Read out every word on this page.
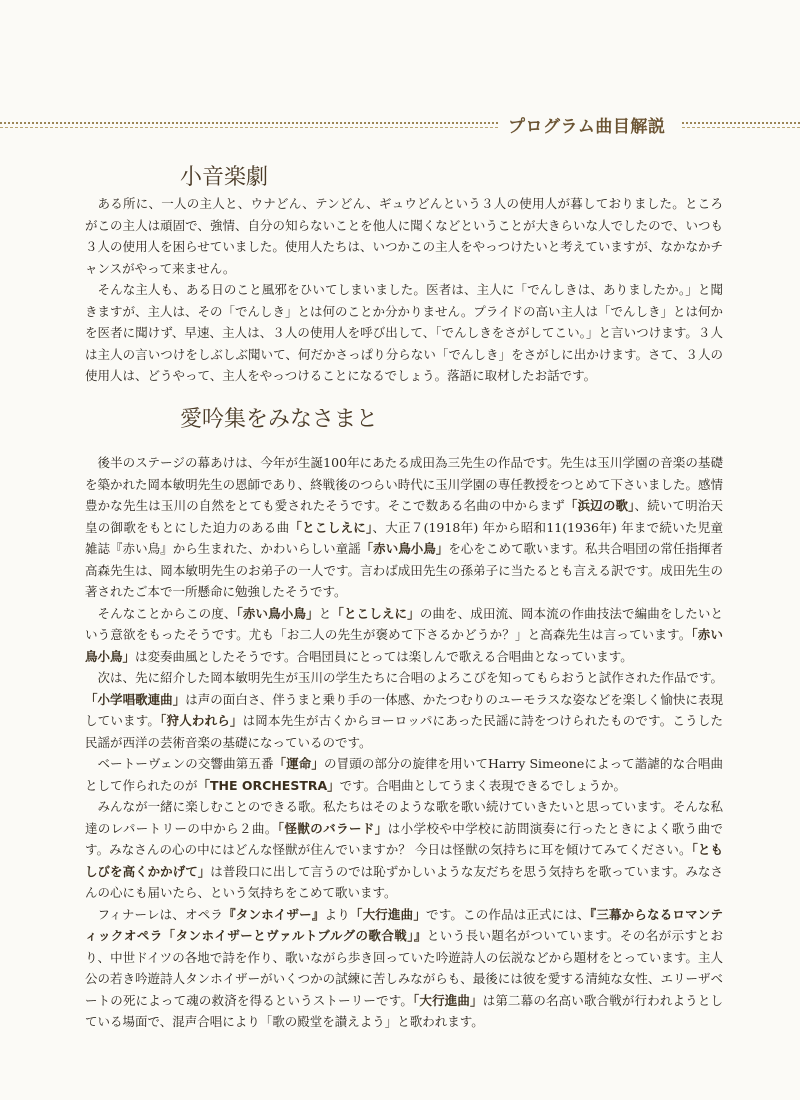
プログラム曲目解説
小音楽劇

ある所に、一人の主人と、ウナどん、テンどん、ギュウどんという３人の使用人が暮しておりました。ところがこの主人は頑固で、強情、自分の知らないことを他人に聞くなどということが大きらいな人でしたので、いつも３人の使用人を困らせていました。使用人たちは、いつかこの主人をやっつけたいと考えていますが、なかなかチャンスがやって来ません。

そんな主人も、ある日のこと風邪をひいてしまいました。医者は、主人に「でんしきは、ありましたか。」と聞きますが、主人は、その「でんしき」とは何のことか分かりません。プライドの高い主人は「でんしき」とは何かを医者に聞けず、早速、主人は、３人の使用人を呼び出して、「でんしきをさがしてこい。」と言いつけます。３人は主人の言いつけをしぶしぶ聞いて、何だかさっぱり分らない「でんしき」をさがしに出かけます。さて、３人の使用人は、どうやって、主人をやっつけることになるでしょう。落語に取材したお話です。

愛吟集をみなさまと

後半のステージの幕あけは、今年が生誕100年にあたる成田為三先生の作品です。先生は玉川学園の音楽の基礎を築かれた岡本敏明先生の恩師であり、終戦後のつらい時代に玉川学園の専任教授をつとめて下さいました。感情豊かな先生は玉川の自然をとても愛されたそうです。そこで数ある名曲の中からまず「浜辺の歌」、続いて明治天皇の御歌をもとにした迫力のある曲「とこしえに」、大正７(1918年) 年から昭和11(1936年) 年まで続いた児童雑誌『赤い鳥』から生まれた、かわいらしい童謡「赤い鳥小鳥」を心をこめて歌います。私共合唱団の常任指揮者高森先生は、岡本敏明先生のお弟子の一人です。言わば成田先生の孫弟子に当たるとも言える訳です。成田先生の著されたご本で一所懸命に勉強したそうです。

そんなことからこの度、「赤い鳥小鳥」と「とこしえに」の曲を、成田流、岡本流の作曲技法で編曲をしたいという意欲をもったそうです。尤も「お二人の先生が褒めて下さるかどうか？」と高森先生は言っています。「赤い鳥小鳥」は変奏曲風としたそうです。合唱団員にとっては楽しんで歌える合唱曲となっています。

次は、先に紹介した岡本敏明先生が玉川の学生たちに合唱のよろこびを知ってもらおうと試作された作品です。「小学唱歌連曲」は声の面白さ、伴うまと乗り手の一体感、かたつむりのユーモラスな姿などを楽しく愉快に表現しています。「狩人われら」は岡本先生が古くからヨーロッパにあった民謡に詩をつけられたものです。こうした民謡が西洋の芸術音楽の基礎になっているのです。

ベートーヴェンの交響曲第五番「運命」の冒頭の部分の旋律を用いてHarry Simeoneによって諧謔的な合唱曲として作られたのが「THE ORCHESTRA」です。合唱曲としてうまく表現できるでしょうか。

みんなが一緒に楽しむことのできる歌。私たちはそのような歌を歌い続けていきたいと思っています。そんな私達のレパートリーの中から２曲。「怪獣のバラード」は小学校や中学校に訪問演奏に行ったときによく歌う曲です。みなさんの心の中にはどんな怪獣が住んでいますか？ 今日は怪獣の気持ちに耳を傾けてみてください。「ともしびを高くかかげて」は普段口に出して言うのでは恥ずかしいような友だちを思う気持ちを歌っています。みなさんの心にも届いたら、という気持ちをこめて歌います。

フィナーレは、オペラ『タンホイザー』より「大行進曲」です。この作品は正式には、『三幕からなるロマンティックオペラ「タンホイザーとヴァルトブルグの歌合戦」』という長い題名がついています。その名が示すとおり、中世ドイツの各地で詩を作り、歌いながら歩き回っていた吟遊詩人の伝説などから題材をとっています。主人公の若き吟遊詩人タンホイザーがいくつかの試練に苦しみながらも、最後には彼を愛する清純な女性、エリーザベートの死によって魂の救済を得るというストーリーです。「大行進曲」は第二幕の名高い歌合戦が行われようとしている場面で、混声合唱により「歌の殿堂を讃えよう」と歌われます。
